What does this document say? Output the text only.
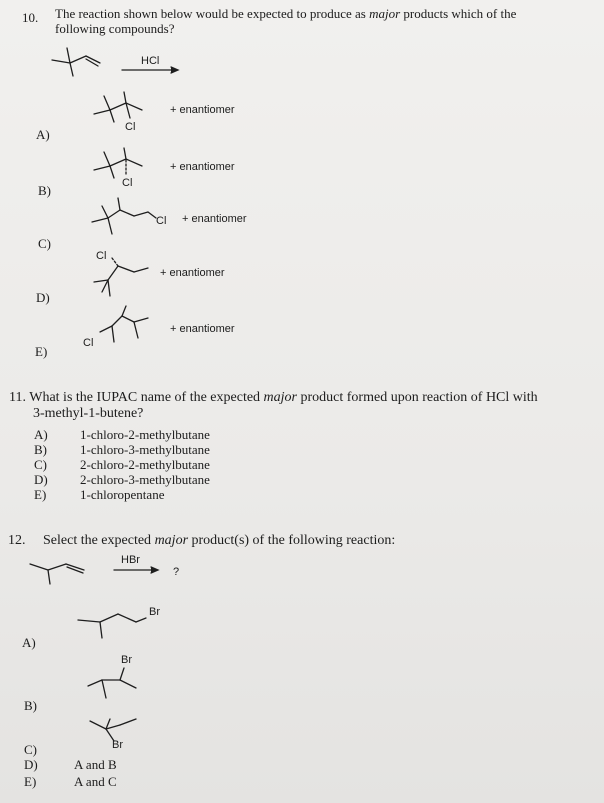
10. The reaction shown below would be expected to produce as major products which of the
following compounds?
HCl
A)	Cl
+ enantiomer
B)	Cl
+ enantiomer
C)
Cl + enantiomer
D)
Cl
+ enantiomer
E)
Cl
+ enantiomer
11. What is the IUPAC name of the expected major product formed upon reaction of HCl with
3-methyl-1-butene?
A) 1-chloro-2-methylbutane
B)	1-chloro-3-methylbutane
C)	2-chloro-2-methylbutane
D) 2-chloro-3-methylbutane
E)	1-chloropentane
12. Select the expected major product(s) of the following reaction:
HBr
?
A)
Br
Br
B)
C)	Br
D)	A and B
E)	A and C
